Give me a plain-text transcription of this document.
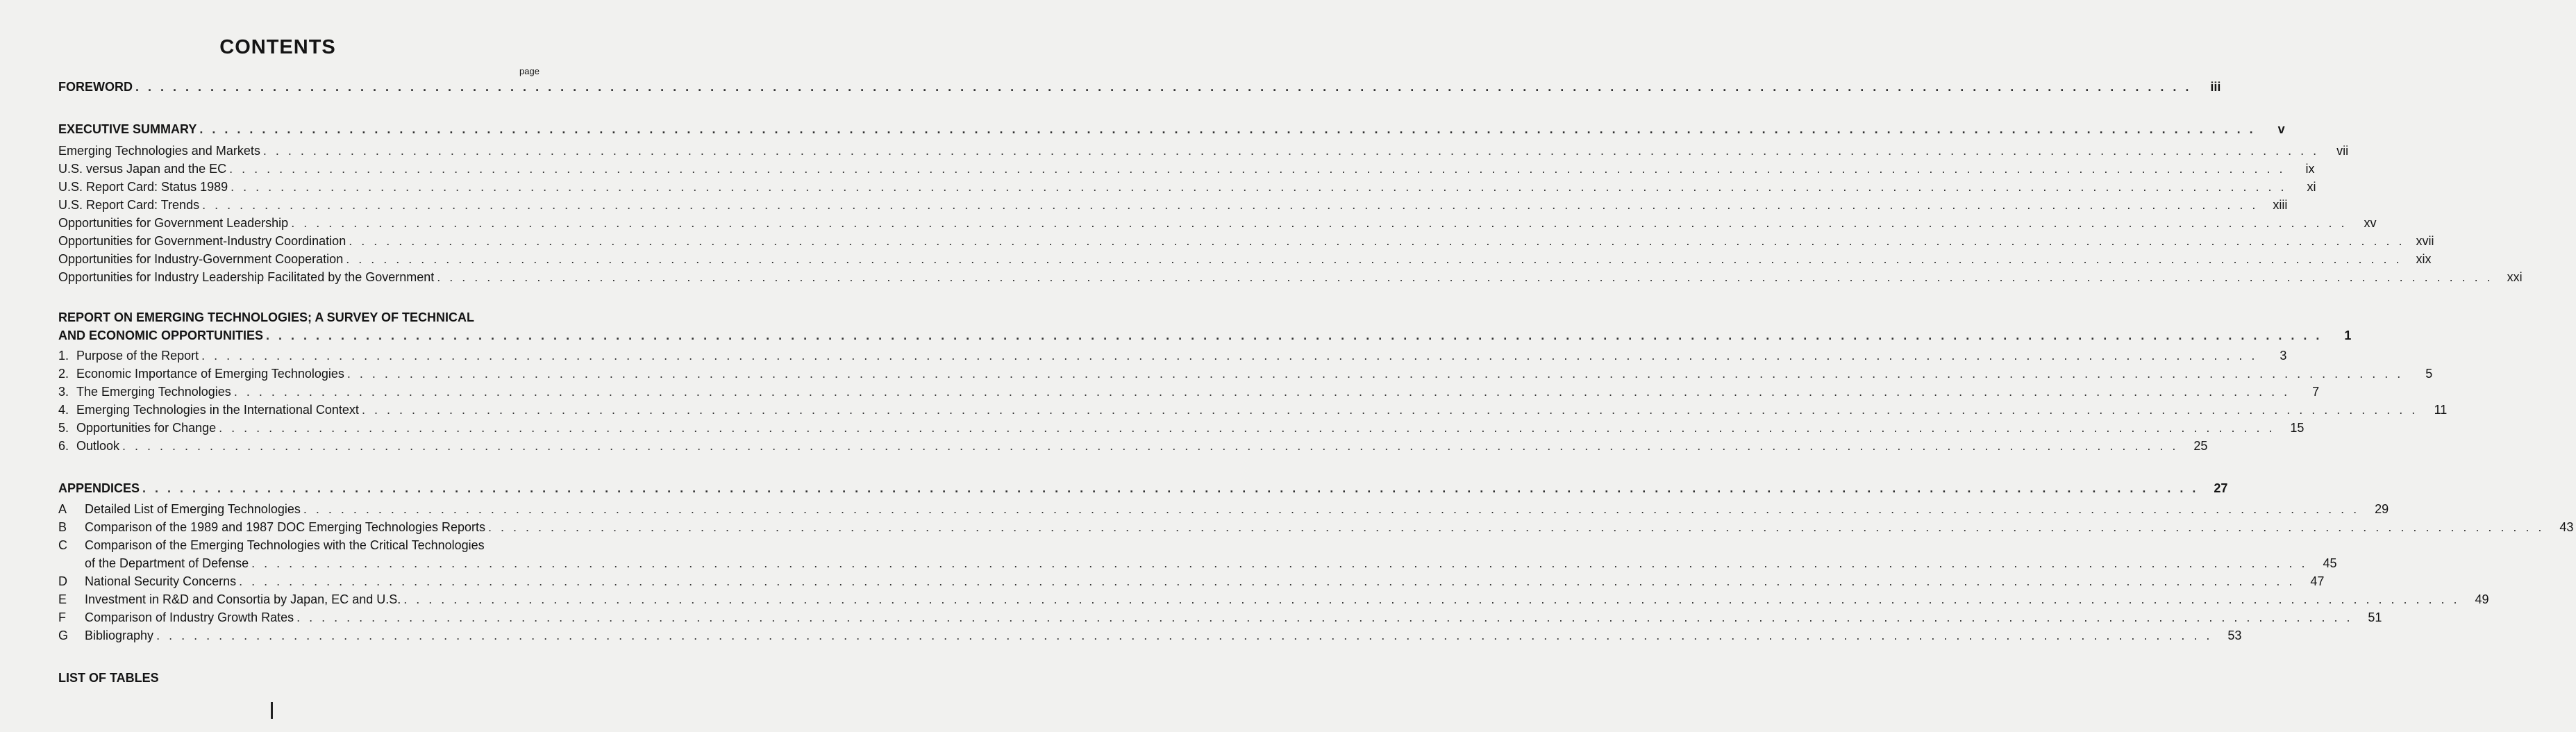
CONTENTS
page
FOREWORD . . .	iii
EXECUTIVE SUMMARY . . .	v
Emerging Technologies and Markets . . .	vii
U.S. versus Japan and the EC . . .	ix
U.S. Report Card: Status 1989 . . .	xi
U.S. Report Card: Trends . . .	xiii
Opportunities for Government Leadership . . .	xv
Opportunities for Government-Industry Coordination . . .	xvii
Opportunities for Industry-Government Cooperation . . .	xix
Opportunities for Industry Leadership Facilitated by the Government . . .	xxi
REPORT ON EMERGING TECHNOLOGIES; A SURVEY OF TECHNICAL
AND ECONOMIC OPPORTUNITIES . . .	1
1. Purpose of the Report . . .	3
2. Economic Importance of Emerging Technologies . . .	5
3. The Emerging Technologies . . .	7
4. Emerging Technologies in the International Context . . .	11
5. Opportunities for Change . . .	15
6. Outlook . . .	25
APPENDICES . . .	27
A	Detailed List of Emerging Technologies . . .	29
B	Comparison of the 1989 and 1987 DOC Emerging Technologies Reports . . .	43
C	Comparison of the Emerging Technologies with the Critical Technologies
of the Department of Defense . . .	45
D	National Security Concerns . . .	47
E	Investment in R&D and Consortia by Japan, EC and U.S. . . .	49
F	Comparison of Industry Growth Rates . . .	51
G	Bibliography . . .	53
LIST OF TABLES
